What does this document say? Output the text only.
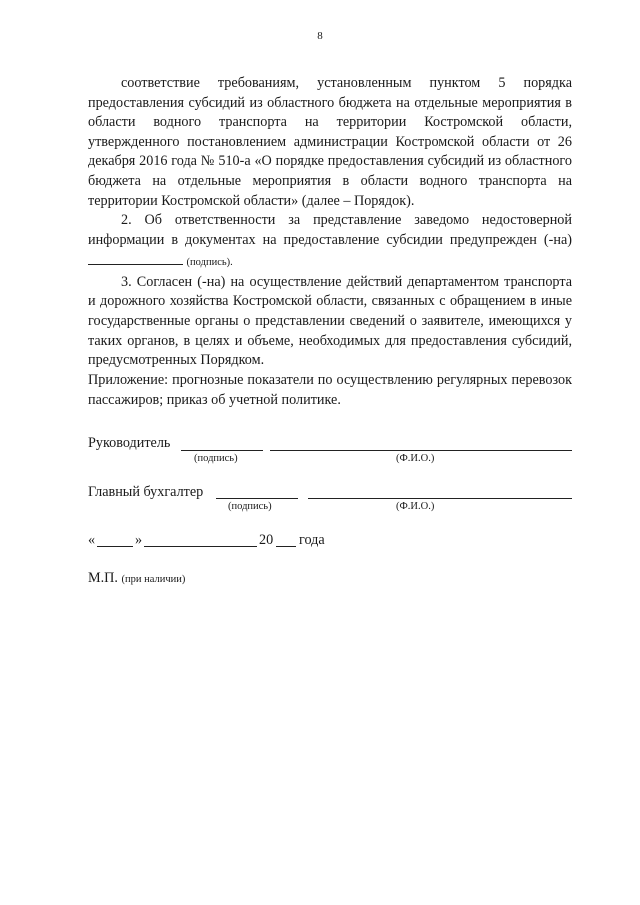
8

соответствие требованиям, установленным пунктом 5 порядка предоставления субсидий из областного бюджета на отдельные мероприятия в области водного транспорта на территории Костромской области, утвержденного постановлением администрации Костромской области от 26 декабря 2016 года № 510-а «О порядке предоставления субсидий из областного бюджета на отдельные мероприятия в области водного транспорта на территории Костромской области» (далее – Порядок).

2. Об ответственности за представление заведомо недостоверной информации в документах на предоставление субсидии предупрежден (-на) (подпись).

3. Согласен (-на) на осуществление действий департаментом транспорта и дорожного хозяйства Костромской области, связанных с обращением в иные государственные органы о представлении сведений о заявителе, имеющихся у таких органов, в целях и объеме, необходимых для предоставления субсидий, предусмотренных Порядком.

Приложение: прогнозные показатели по осуществлению регулярных перевозок пассажиров; приказ об учетной политике.

Руководитель
(подпись)	(Ф.И.О.)
Главный бухгалтер
(подпись)	(Ф.И.О.)
«	»	20 года
М.П. (при наличии)
